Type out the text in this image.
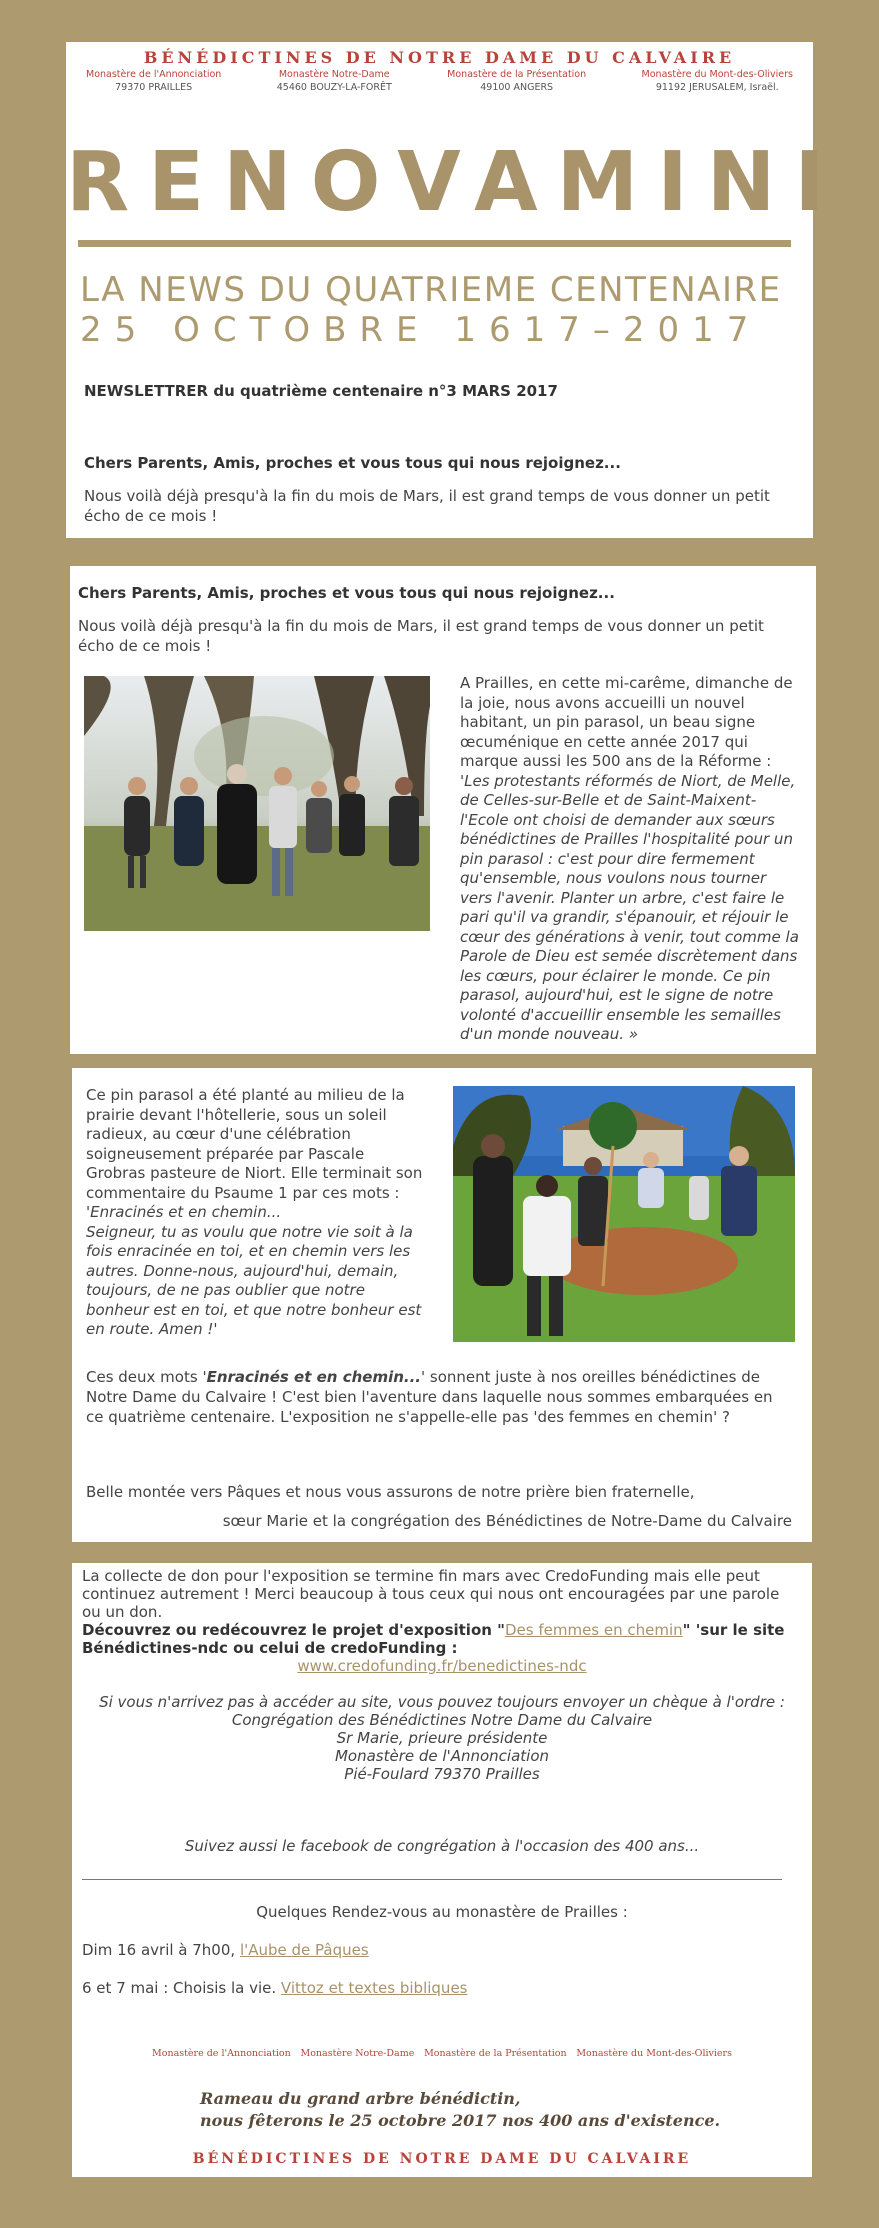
BÉNÉDICTINES DE NOTRE DAME DU CALVAIRE
Monastère de l'Annonciation
79370 PRAILLES
Monastère Notre-Dame
45460 BOUZY-LA-FORÊT
Monastère de la Présentation
49100 ANGERS
Monastère du Mont-des-Oliviers
91192 JERUSALEM, Israël.
RENOVAMINI
LA NEWS DU QUATRIEME CENTENAIRE
25 OCTOBRE 1617–2017
NEWSLETTRER du quatrième centenaire n°3 MARS 2017
Chers Parents, Amis, proches et vous tous qui nous rejoignez...
Nous voilà déjà presqu'à la fin du mois de Mars, il est grand temps de vous donner un petit écho de ce mois !
Chers Parents, Amis, proches et vous tous qui nous rejoignez...
Nous voilà déjà presqu'à la fin du mois de Mars, il est grand temps de vous donner un petit écho de ce mois !
A Prailles, en cette mi-carême, dimanche de la joie, nous avons accueilli un nouvel habitant, un pin parasol, un beau signe œcuménique en cette année 2017 qui marque aussi les 500 ans de la Réforme : 'Les protestants réformés de Niort, de Melle, de Celles-sur-Belle et de Saint-Maixent-l'Ecole ont choisi de demander aux sœurs bénédictines de Prailles l'hospitalité pour un pin parasol : c'est pour dire fermement qu'ensemble, nous voulons nous tourner vers l'avenir. Planter un arbre, c'est faire le pari qu'il va grandir, s'épanouir, et réjouir le cœur des générations à venir, tout comme la Parole de Dieu est semée discrètement dans les cœurs, pour éclairer le monde. Ce pin parasol, aujourd'hui, est le signe de notre volonté d'accueillir ensemble les semailles d'un monde nouveau. »
Ce pin parasol a été planté au milieu de la prairie devant l'hôtellerie, sous un soleil radieux, au cœur d'une célébration soigneusement préparée par Pascale Grobras pasteure de Niort. Elle terminait son commentaire du Psaume 1 par ces mots :
'Enracinés et en chemin...
Seigneur, tu as voulu que notre vie soit à la fois enracinée en toi, et en chemin vers les autres. Donne-nous, aujourd'hui, demain, toujours, de ne pas oublier que notre bonheur est en toi, et que notre bonheur est en route. Amen !'
Ces deux mots 'Enracinés et en chemin...' sonnent juste à nos oreilles bénédictines de Notre Dame du Calvaire ! C'est bien l'aventure dans laquelle nous sommes embarquées en ce quatrième centenaire. L'exposition ne s'appelle-elle pas 'des femmes en chemin' ?
Belle montée vers Pâques et nous vous assurons de notre prière bien fraternelle,
sœur Marie et la congrégation des Bénédictines de Notre-Dame du Calvaire
La collecte de don pour l'exposition se termine fin mars avec CredoFunding mais elle peut continuez autrement ! Merci beaucoup à tous ceux qui nous ont encouragées par une parole ou un don.
Découvrez ou redécouvrez le projet d'exposition "Des femmes en chemin" 'sur le site Bénédictines-ndc ou celui de credoFunding :
www.credofunding.fr/benedictines-ndc
Si vous n'arrivez pas à accéder au site, vous pouvez toujours envoyer un chèque à l'ordre :
Congrégation des Bénédictines Notre Dame du Calvaire
Sr Marie, prieure présidente
Monastère de l'Annonciation
Pié-Foulard 79370 Prailles
Suivez aussi le facebook de congrégation à l'occasion des 400 ans...
Quelques Rendez-vous au monastère de Prailles :
Dim 16 avril à 7h00, l'Aube de Pâques
6 et 7 mai : Choisis la vie. Vittoz et textes bibliques
Monastère de l'Annonciation Monastère Notre-Dame Monastère de la Présentation Monastère du Mont-des-Oliviers
Rameau du grand arbre bénédictin,
nous fêterons le 25 octobre 2017 nos 400 ans d'existence.
BÉNÉDICTINES DE NOTRE DAME DU CALVAIRE
